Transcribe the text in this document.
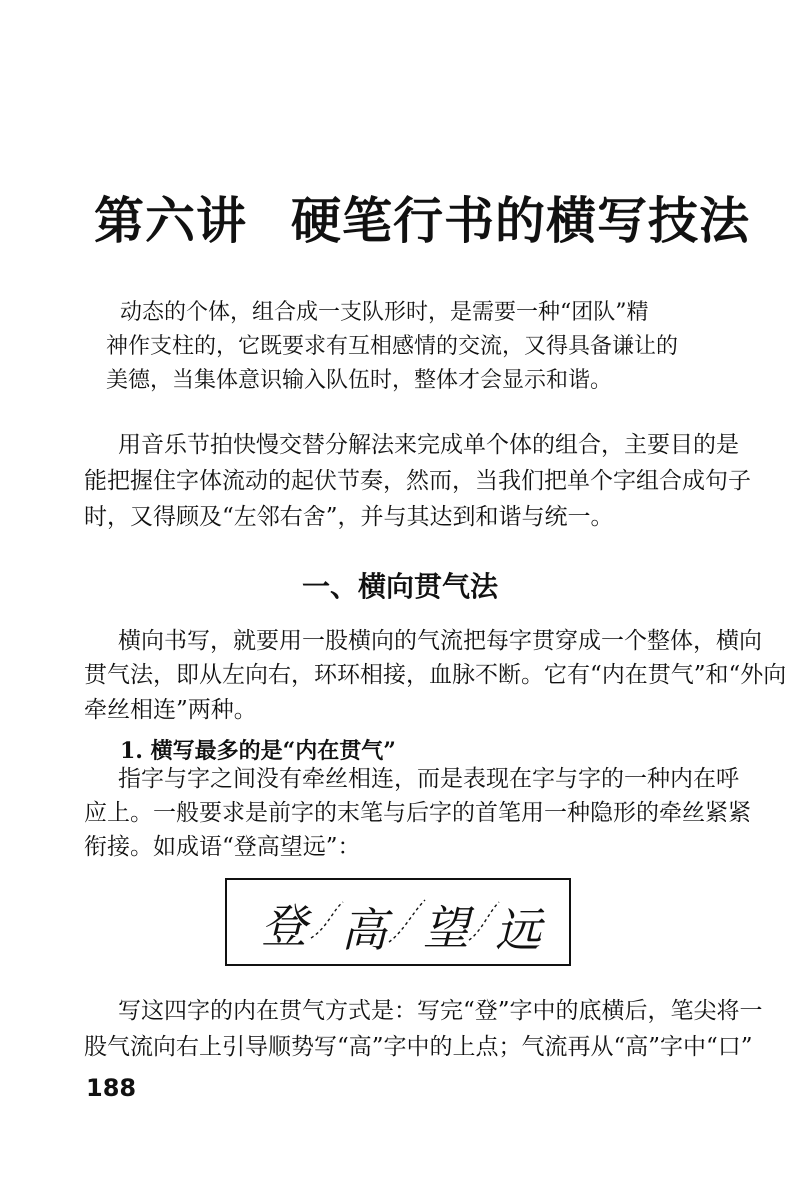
第六讲 硬笔行书的横写技法
动态的个体，组合成一支队形时，是需要一种“团队”精
神作支柱的，它既要求有互相感情的交流，又得具备谦让的
美德，当集体意识输入队伍时，整体才会显示和谐。
用音乐节拍快慢交替分解法来完成单个体的组合，主要目的是
能把握住字体流动的起伏节奏，然而，当我们把单个字组合成句子
时，又得顾及“左邻右舍”，并与其达到和谐与统一。
一、横向贯气法
横向书写，就要用一股横向的气流把每字贯穿成一个整体，横向
贯气法，即从左向右，环环相接，血脉不断。它有“内在贯气”和“外向
牵丝相连”两种。
1. 横写最多的是“内在贯气”
指字与字之间没有牵丝相连，而是表现在字与字的一种内在呼
应上。一般要求是前字的末笔与后字的首笔用一种隐形的牵丝紧紧
衔接。如成语“登高望远”：
登 高 望 远
写这四字的内在贯气方式是：写完“登”字中的底横后，笔尖将一
股气流向右上引导顺势写“高”字中的上点；气流再从“高”字中“口”
188
